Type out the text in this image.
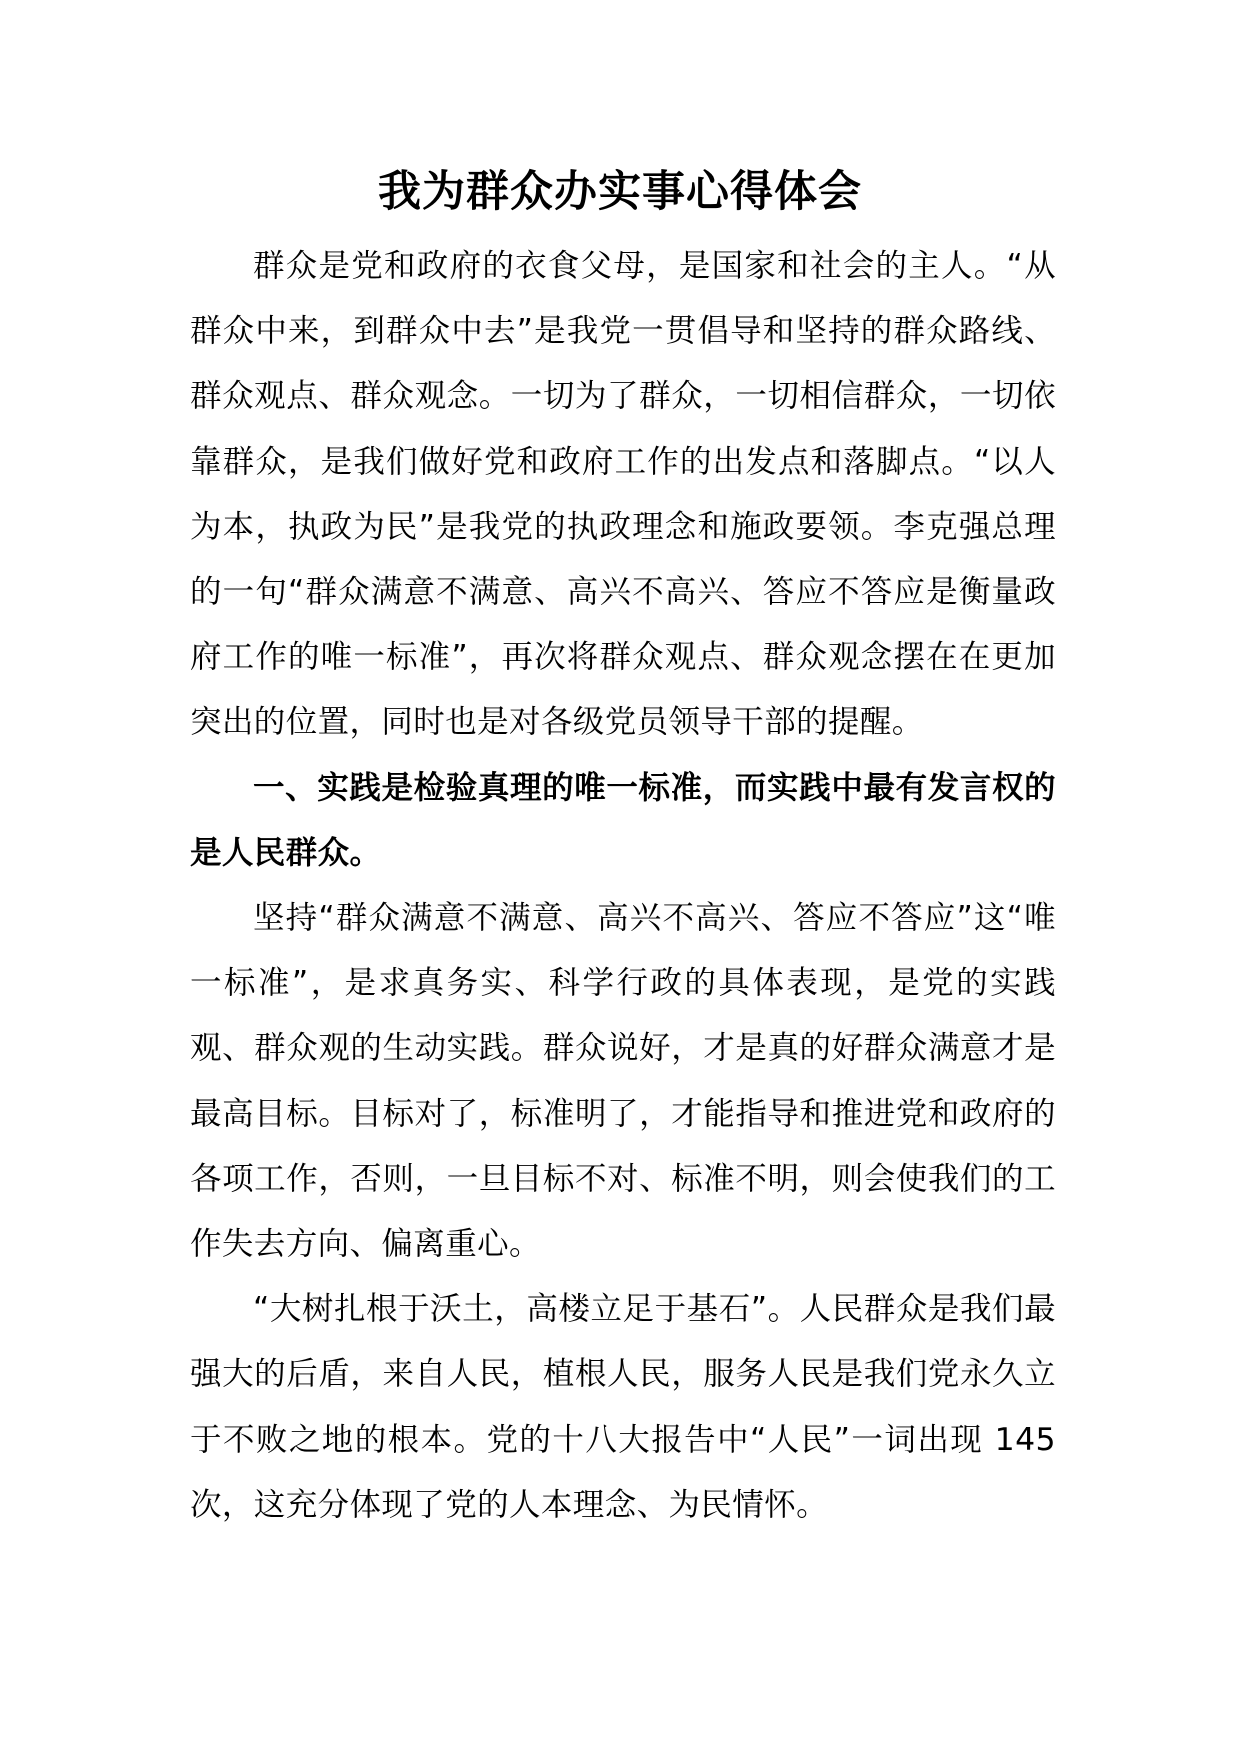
我为群众办实事心得体会

群众是党和政府的衣食父母，是国家和社会的主人。“从群众中来，到群众中去”是我党一贯倡导和坚持的群众路线、群众观点、群众观念。一切为了群众，一切相信群众，一切依靠群众，是我们做好党和政府工作的出发点和落脚点。“以人为本，执政为民”是我党的执政理念和施政要领。李克强总理的一句“群众满意不满意、高兴不高兴、答应不答应是衡量政府工作的唯一标准”，再次将群众观点、群众观念摆在在更加突出的位置，同时也是对各级党员领导干部的提醒。

一、实践是检验真理的唯一标准，而实践中最有发言权的是人民群众。

坚持“群众满意不满意、高兴不高兴、答应不答应”这“唯一标准”，是求真务实、科学行政的具体表现，是党的实践观、群众观的生动实践。群众说好，才是真的好群众满意才是最高目标。目标对了，标准明了，才能指导和推进党和政府的各项工作，否则，一旦目标不对、标准不明，则会使我们的工作失去方向、偏离重心。

“大树扎根于沃土，高楼立足于基石”。人民群众是我们最强大的后盾，来自人民，植根人民，服务人民是我们党永久立于不败之地的根本。党的十八大报告中“人民”一词出现 145 次，这充分体现了党的人本理念、为民情怀。
